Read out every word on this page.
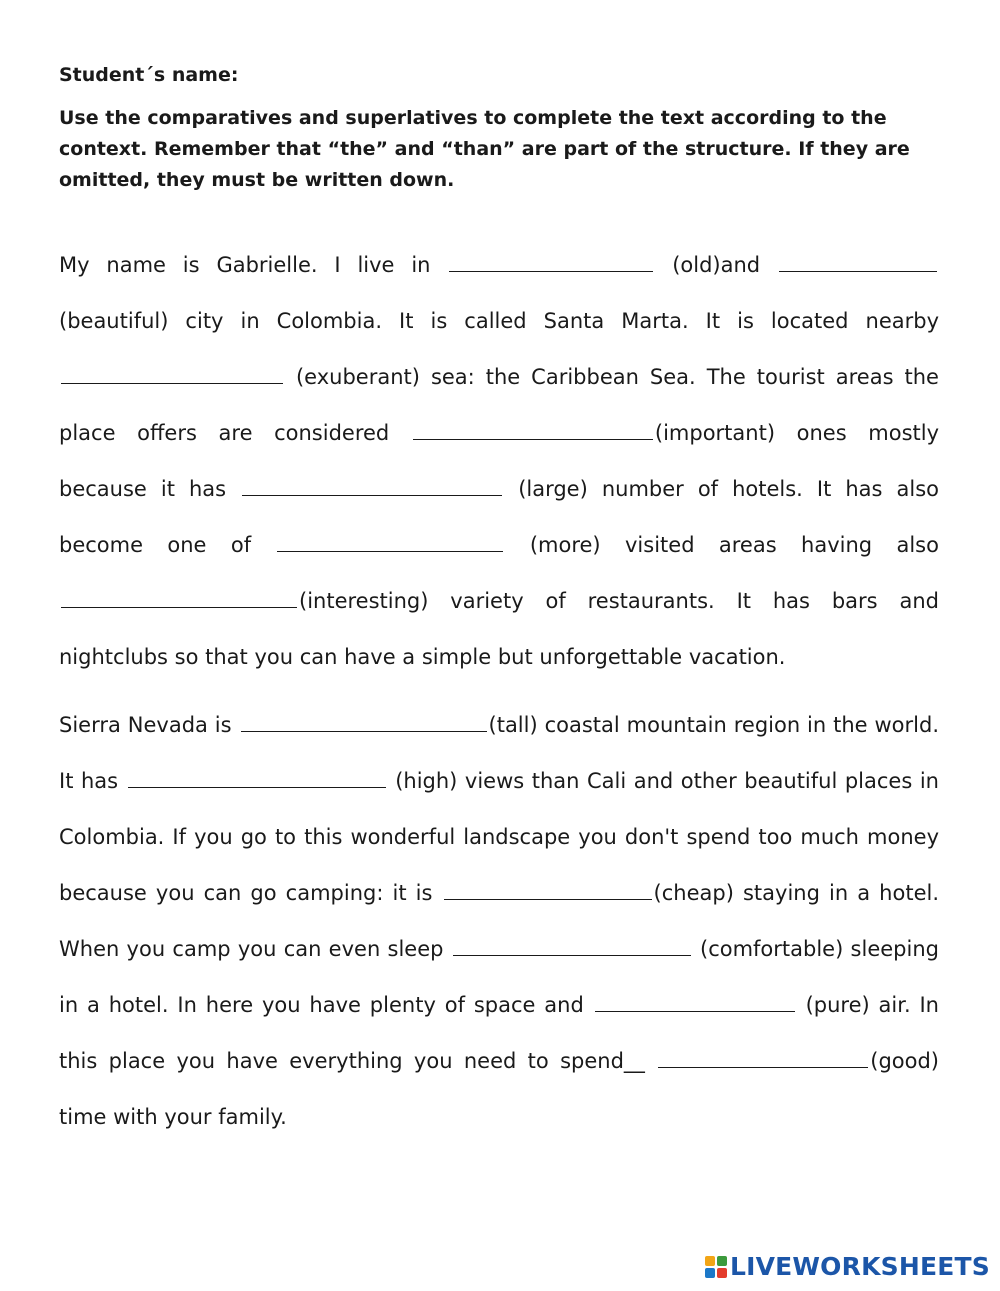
Student´s name:
Use the comparatives and superlatives to complete the text according to the context. Remember that “the” and “than” are part of the structure. If they are omitted, they must be written down.
My name is Gabrielle. I live in	(old)and  (beautiful) city in Colombia. It is called Santa Marta. It is located nearby  (exuberant) sea: the Caribbean Sea. The tourist areas the place offers are considered	(important) ones mostly because it has	(large) number of hotels. It has also become one of	(more) visited areas having also (interesting) variety of restaurants. It has bars and nightclubs so that you can have a simple but unforgettable vacation.
Sierra Nevada is	(tall) coastal mountain region in the world. It has	(high) views than Cali and other beautiful places in Colombia. If you go to this wonderful landscape you don't spend too much money because you can go camping: it is	(cheap) staying in a hotel. When you camp you can even sleep	(comfortable) sleeping in a hotel. In here you have plenty of space and	(pure) air. In this place you have everything you need to spend__	(good) time with your family.
LIVEWORKSHEETS
